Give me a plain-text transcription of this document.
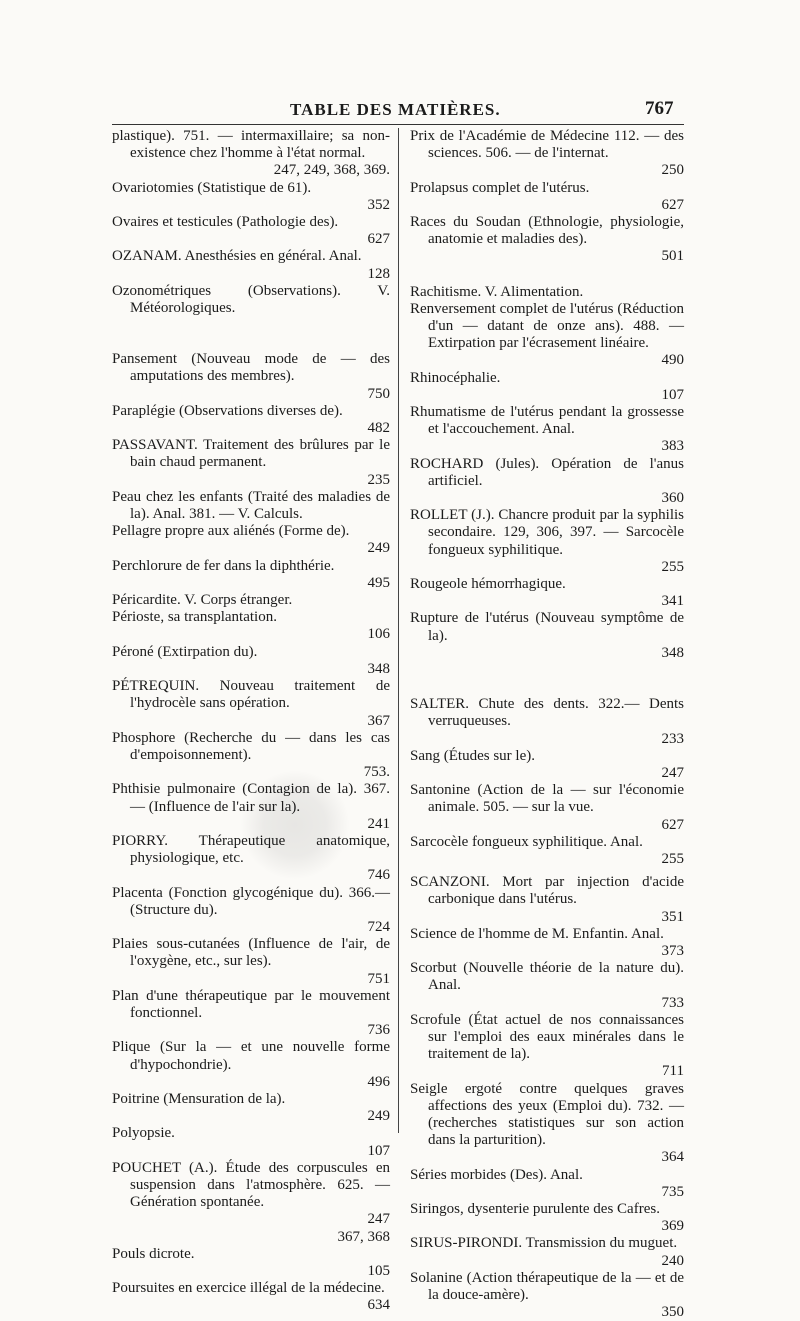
TABLE DES MATIÈRES.	767
plastique). 751. — intermaxillaire; sa non-existence chez l'homme à l'état normal.
247, 249, 368, 369.
Ovariotomies (Statistique de 61).
352
Ovaires et testicules (Pathologie des).
627
OZANAM. Anesthésies en général. Anal.
128
Ozonométriques (Observations). V. Météorologiques.
Pansement (Nouveau mode de — des amputations des membres).
750
Paraplégie (Observations diverses de).
482
PASSAVANT. Traitement des brûlures par le bain chaud permanent.
235
Peau chez les enfants (Traité des maladies de la). Anal. 381. — V. Calculs.
Pellagre propre aux aliénés (Forme de).
249
Perchlorure de fer dans la diphthérie.
495
Péricardite. V. Corps étranger.
Périoste, sa transplantation.
106
Péroné (Extirpation du).
348
PÉTREQUIN. Nouveau traitement de l'hydrocèle sans opération.
367
Phosphore (Recherche du — dans les cas d'empoisonnement).
753.
Phthisie pulmonaire (Contagion de la). 367. — (Influence de l'air sur la).
241
PIORRY. Thérapeutique anatomique, physiologique, etc.
746
Placenta (Fonction glycogénique du). 366.— (Structure du).
724
Plaies sous-cutanées (Influence de l'air, de l'oxygène, etc., sur les).
751
Plan d'une thérapeutique par le mouvement fonctionnel.
736
Plique (Sur la — et une nouvelle forme d'hypochondrie).
496
Poitrine (Mensuration de la).
249
Polyopsie.
107
POUCHET (A.). Étude des corpuscules en suspension dans l'atmosphère. 625. — Génération spontanée.
247
367, 368
Pouls dicrote.
105
Poursuites en exercice illégal de la médecine.
634
Prix de l'Académie de Médecine 112. — des sciences. 506. — de l'internat.
250
Prolapsus complet de l'utérus.
627
Races du Soudan (Ethnologie, physiologie, anatomie et maladies des).
501
Rachitisme. V. Alimentation.
Renversement complet de l'utérus (Réduction d'un — datant de onze ans). 488. — Extirpation par l'écrasement linéaire.
490
Rhinocéphalie.
107
Rhumatisme de l'utérus pendant la grossesse et l'accouchement. Anal.
383
ROCHARD (Jules). Opération de l'anus artificiel.
360
ROLLET (J.). Chancre produit par la syphilis secondaire. 129, 306, 397. — Sarcocèle fongueux syphilitique.
255
Rougeole hémorrhagique.
341
Rupture de l'utérus (Nouveau symptôme de la).
348
SALTER. Chute des dents. 322.— Dents verruqueuses.
233
Sang (Études sur le).
247
Santonine (Action de la — sur l'économie animale. 505. — sur la vue.
627
Sarcocèle fongueux syphilitique. Anal.
255
SCANZONI. Mort par injection d'acide carbonique dans l'utérus.
351
Science de l'homme de M. Enfantin. Anal.
373
Scorbut (Nouvelle théorie de la nature du). Anal.
733
Scrofule (État actuel de nos connaissances sur l'emploi des eaux minérales dans le traitement de la).
711
Seigle ergoté contre quelques graves affections des yeux (Emploi du). 732. — (recherches statistiques sur son action dans la parturition).
364
Séries morbides (Des). Anal.
735
Siringos, dysenterie purulente des Cafres.
369
SIRUS-PIRONDI. Transmission du muguet.
240
Solanine (Action thérapeutique de la — et de la douce-amère).
350
